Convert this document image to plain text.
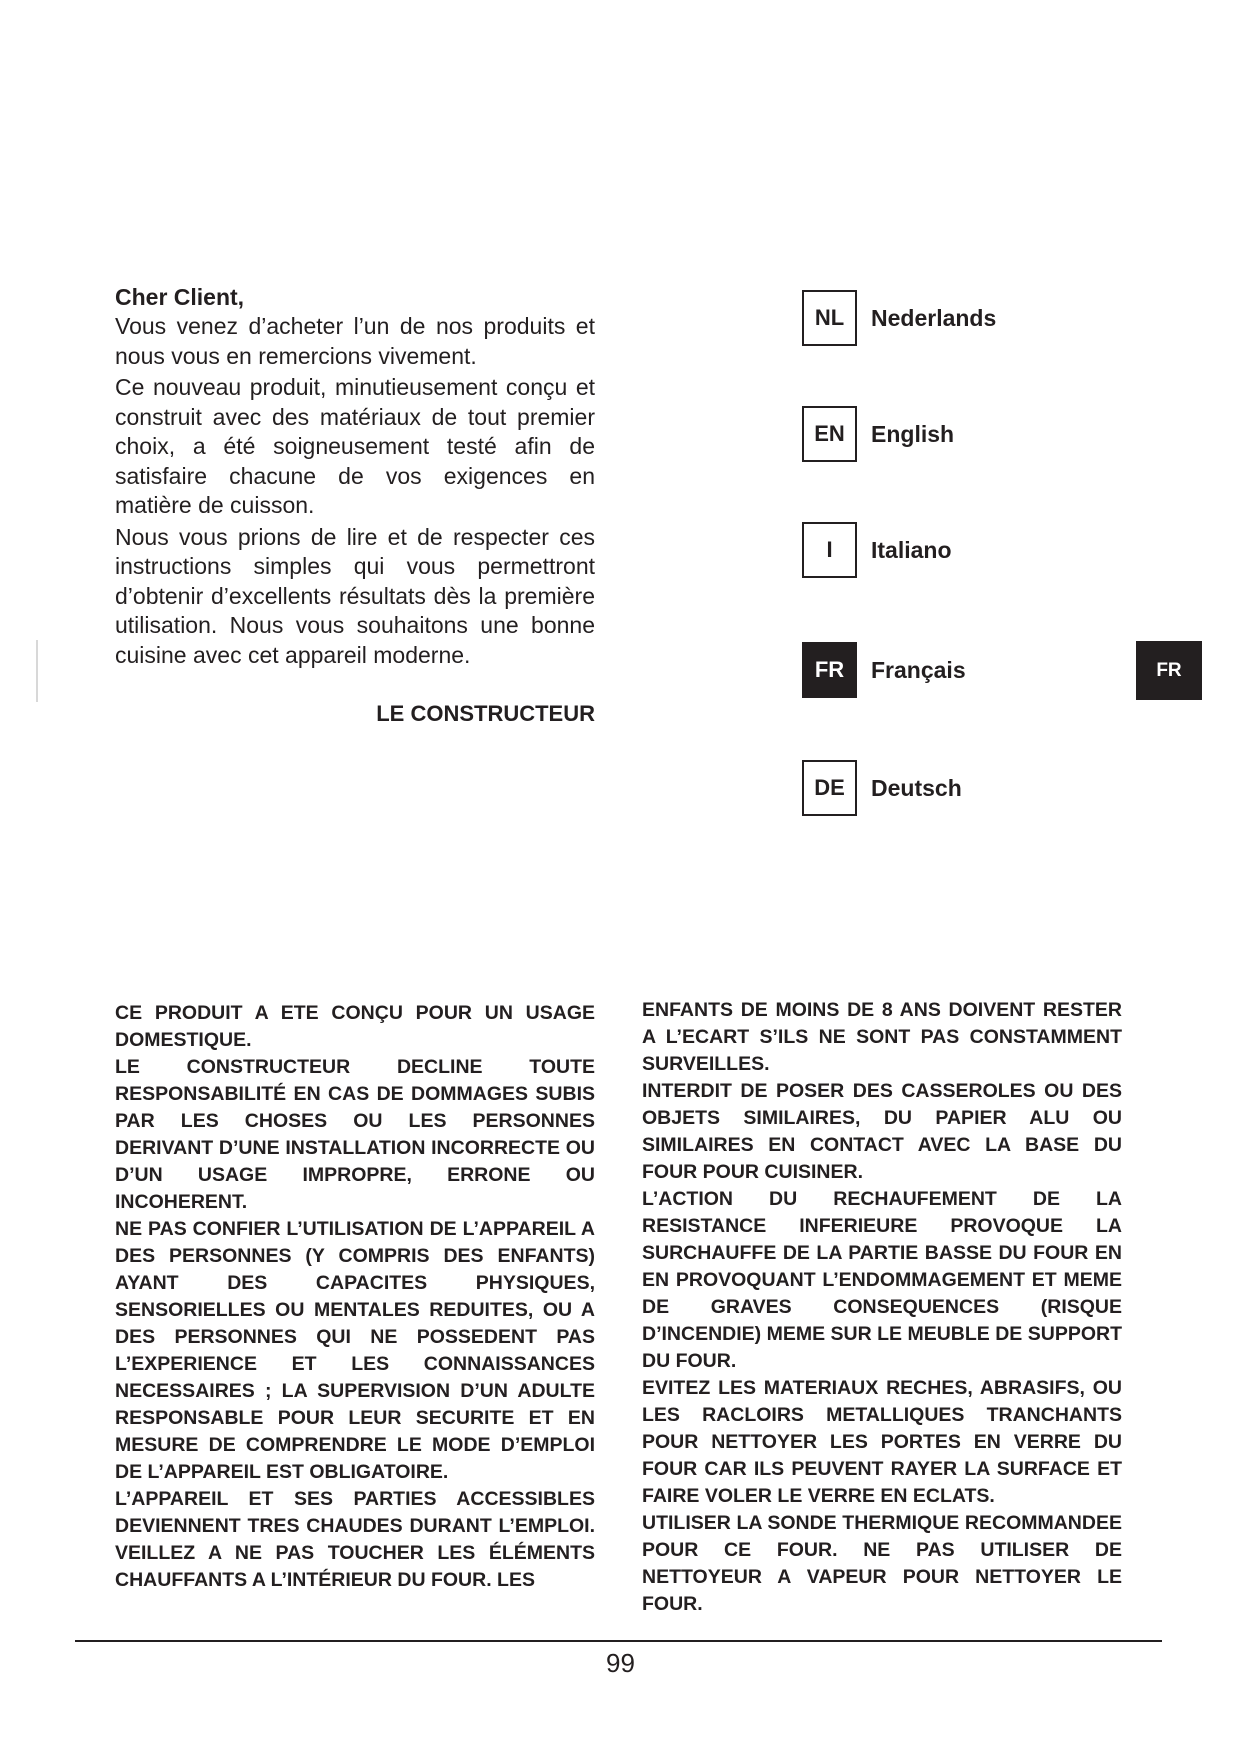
Cher Client,

Vous venez d’acheter l’un de nos produits et nous vous en remercions vivement.

Ce nouveau produit, minutieusement conçu et construit avec des matériaux de tout premier choix, a été soigneusement testé afin de satisfaire chacune de vos exigences en matière de cuisson.

Nous vous prions de lire et de respecter ces instructions simples qui vous permettront d’obtenir d’excellents résultats dès la première utilisation. Nous vous souhaitons une bonne cuisine avec cet appareil moderne.

LE CONSTRUCTEUR
NL	Nederlands
EN	English
I	Italiano
FR	Français
DE	Deutsch
FR

CE PRODUIT A ETE CONÇU POUR UN USAGE DOMESTIQUE.

LE CONSTRUCTEUR DECLINE TOUTE RESPONSABILITÉ EN CAS DE DOMMAGES SUBIS PAR LES CHOSES OU LES PERSONNES DERIVANT D’UNE INSTALLATION INCORRECTE OU D’UN USAGE IMPROPRE, ERRONE OU INCOHERENT.

NE PAS CONFIER L’UTILISATION DE L’APPAREIL A DES PERSONNES (Y COMPRIS DES ENFANTS) AYANT DES CAPACITES PHYSIQUES, SENSORIELLES OU MENTALES REDUITES, OU A DES PERSONNES QUI NE POSSEDENT PAS L’EXPERIENCE ET LES CONNAISSANCES NECESSAIRES ; LA SUPERVISION D’UN ADULTE RESPONSABLE POUR LEUR SECURITE ET EN MESURE DE COMPRENDRE LE MODE D’EMPLOI DE L’APPAREIL EST OBLIGATOIRE.

L’APPAREIL ET SES PARTIES ACCESSIBLES DEVIENNENT TRES CHAUDES DURANT L’EMPLOI. VEILLEZ A NE PAS TOUCHER LES ÉLÉMENTS CHAUFFANTS A L’INTÉRIEUR DU FOUR. LES

ENFANTS DE MOINS DE 8 ANS DOIVENT RESTER A L’ECART S’ILS NE SONT PAS CONSTAMMENT SURVEILLES.

INTERDIT DE POSER DES CASSEROLES OU DES OBJETS SIMILAIRES, DU PAPIER ALU OU SIMILAIRES EN CONTACT AVEC LA BASE DU FOUR POUR CUISINER.

L’ACTION DU RECHAUFEMENT DE LA RESISTANCE INFERIEURE PROVOQUE LA SURCHAUFFE DE LA PARTIE BASSE DU FOUR EN EN PROVOQUANT L’ENDOMMAGEMENT ET MEME DE GRAVES CONSEQUENCES (RISQUE D’INCENDIE) MEME SUR LE MEUBLE DE SUPPORT DU FOUR.

EVITEZ LES MATERIAUX RECHES, ABRASIFS, OU LES RACLOIRS METALLIQUES TRANCHANTS POUR NETTOYER LES PORTES EN VERRE DU FOUR CAR ILS PEUVENT RAYER LA SURFACE ET FAIRE VOLER LE VERRE EN ECLATS.

UTILISER LA SONDE THERMIQUE RECOMMANDEE POUR CE FOUR. NE PAS UTILISER DE NETTOYEUR A VAPEUR POUR NETTOYER LE FOUR.

99
